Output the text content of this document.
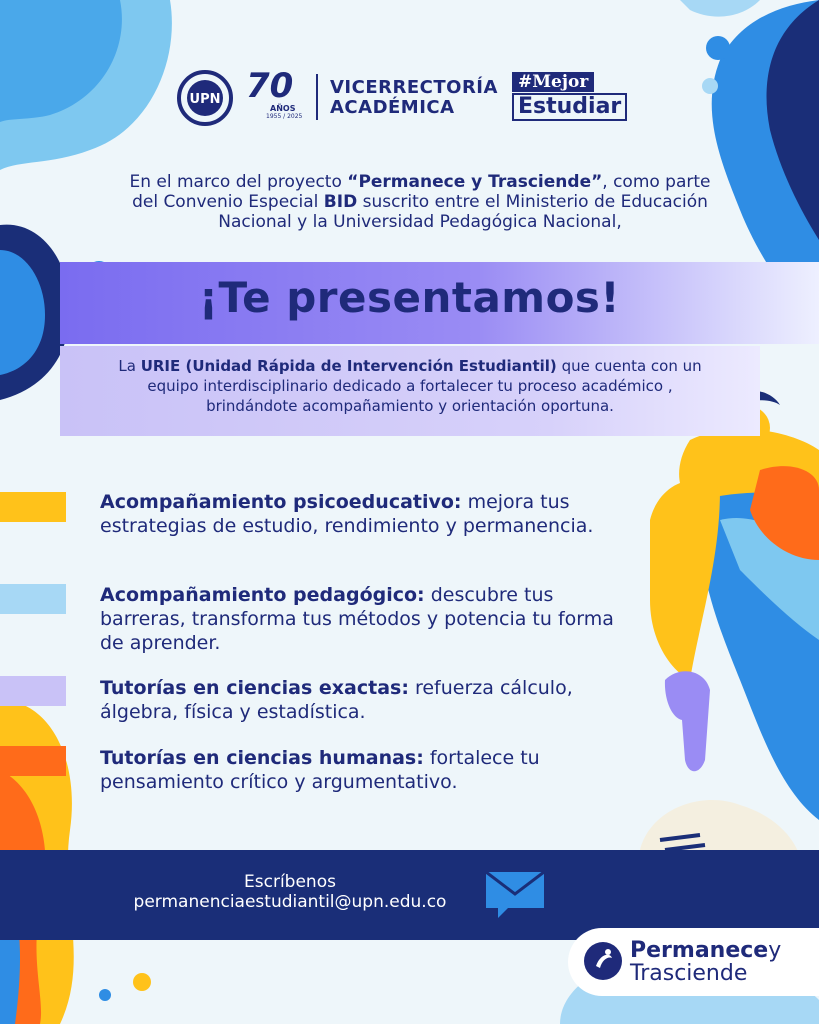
UPN 70
AÑOS
1955 / 2025
VICERRECTORÍA
ACADÉMICA
#Mejor Estudiar
En el marco del proyecto “Permanece y Trasciende”, como parte del Convenio Especial BID suscrito entre el Ministerio de Educación Nacional y la Universidad Pedagógica Nacional,
¡Te presentamos!
La URIE (Unidad Rápida de Intervención Estudiantil) que cuenta con un equipo interdisciplinario dedicado a fortalecer tu proceso académico , brindándote acompañamiento y orientación oportuna.
Acompañamiento psicoeducativo: mejora tus estrategias de estudio, rendimiento y permanencia.
Acompañamiento pedagógico: descubre tus barreras, transforma tus métodos y potencia tu forma de aprender.
Tutorías en ciencias exactas: refuerza cálculo, álgebra, física y estadística.
Tutorías en ciencias humanas: fortalece tu pensamiento crítico y argumentativo.
Escríbenos
permanenciaestudiantil@upn.edu.co
Permanecey
Trasciende
